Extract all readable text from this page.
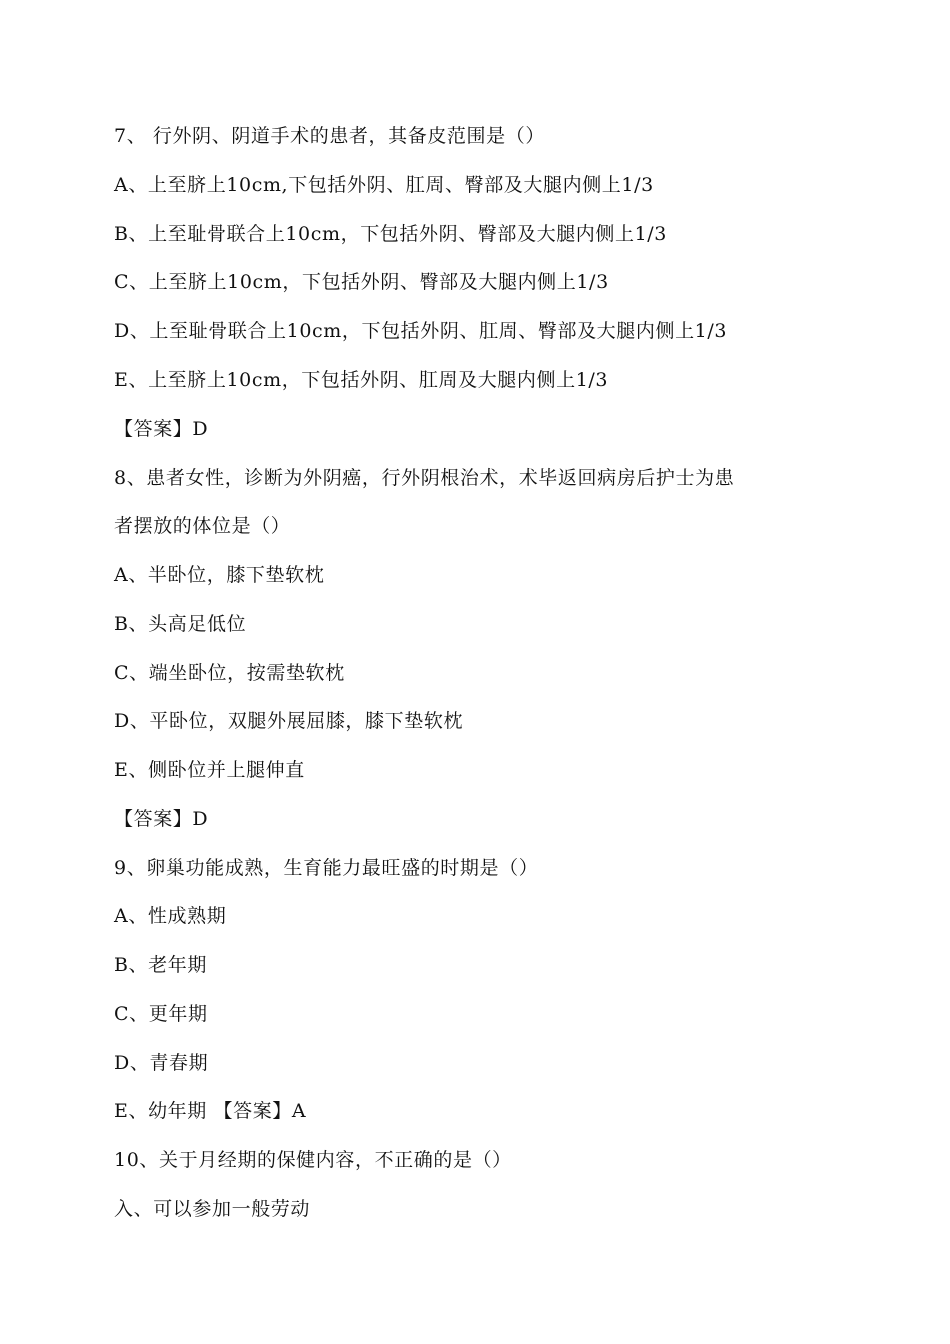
7、 行外阴、阴道手术的患者，其备皮范围是（）
A、上至脐上10cm,下包括外阴、肛周、臀部及大腿内侧上1/3
B、上至耻骨联合上10cm，下包括外阴、臀部及大腿内侧上1/3
C、上至脐上10cm，下包括外阴、臀部及大腿内侧上1/3
D、上至耻骨联合上10cm，下包括外阴、肛周、臀部及大腿内侧上1/3
E、上至脐上10cm，下包括外阴、肛周及大腿内侧上1/3
【答案】D
8、患者女性，诊断为外阴癌，行外阴根治术，术毕返回病房后护士为患
者摆放的体位是（）
A、半卧位，膝下垫软枕
B、头高足低位
C、端坐卧位，按需垫软枕
D、平卧位，双腿外展屈膝，膝下垫软枕
E、侧卧位并上腿伸直
【答案】D
9、卵巢功能成熟，生育能力最旺盛的时期是（）
A、性成熟期
B、老年期
C、更年期
D、青春期
E、幼年期 【答案】A
10、关于月经期的保健内容，不正确的是（）
入、可以参加一般劳动
